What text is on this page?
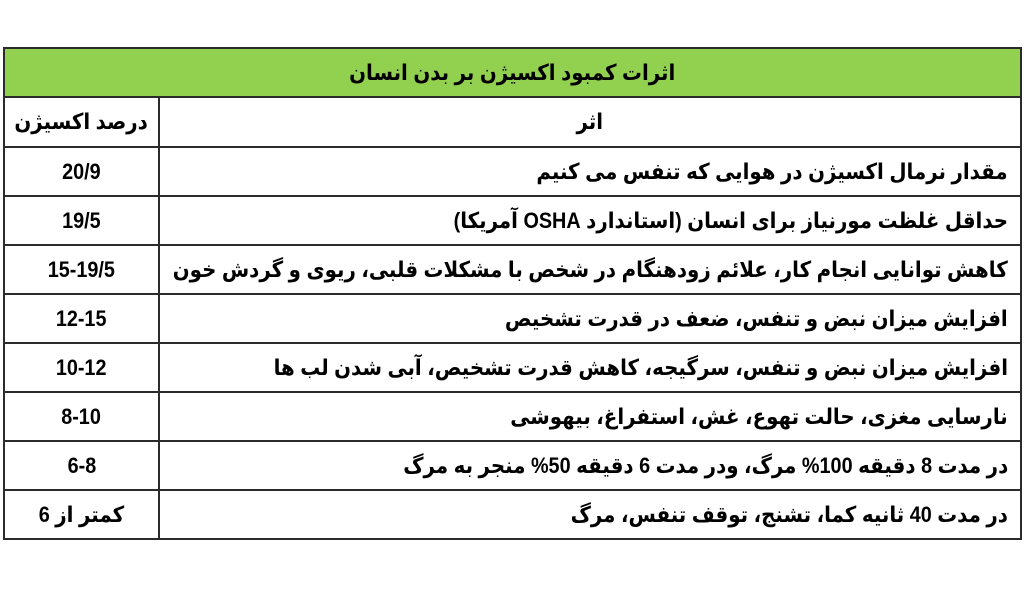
اثرات کمبود اکسیژن بر بدن انسان	
اثر	درصد اکسیژن
مقدار نرمال اکسیژن در هوایی که تنفس می کنیم	20/9
حداقل غلظت مورنیاز برای انسان (استاندارد OSHA آمریکا)	19/5
کاهش توانایی انجام کار، علائم زودهنگام در شخص با مشکلات قلبی، ریوی و گردش خون	15-19/5
افزایش میزان نبض و تنفس، ضعف در قدرت تشخیص	12-15
افزایش میزان نبض و تنفس، سرگیجه، کاهش قدرت تشخیص، آبی شدن لب ها	10-12
نارسایی مغزی، حالت تهوع، غش، استفراغ، بیهوشی	8-10
در مدت 8 دقیقه 100% مرگ، ودر مدت 6 دقیقه 50% منجر به مرگ	6-8
در مدت 40 ثانیه کما، تشنج، توقف تنفس، مرگ	کمتر از 6
